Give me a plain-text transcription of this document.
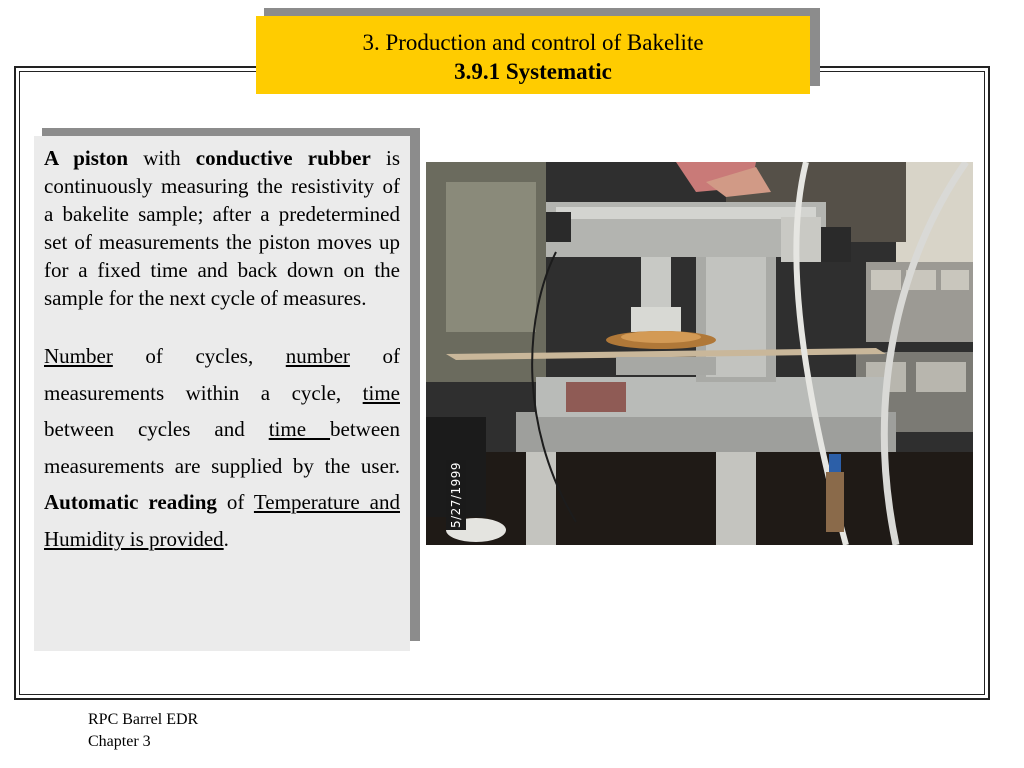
3. Production and control of Bakelite
3.9.1 Systematic

A piston with conductive rubber is continuously measuring the resistivity of a bakelite sample; after a predetermined set of measurements the piston moves up for a fixed time and back down on the sample for the next cycle of measures.

Number of cycles, number of measurements within a cycle, time between cycles and time between measurements are supplied by the user. Automatic reading of Temperature and Humidity is provided.

5/27/1999
RPC Barrel EDR
Chapter 3
